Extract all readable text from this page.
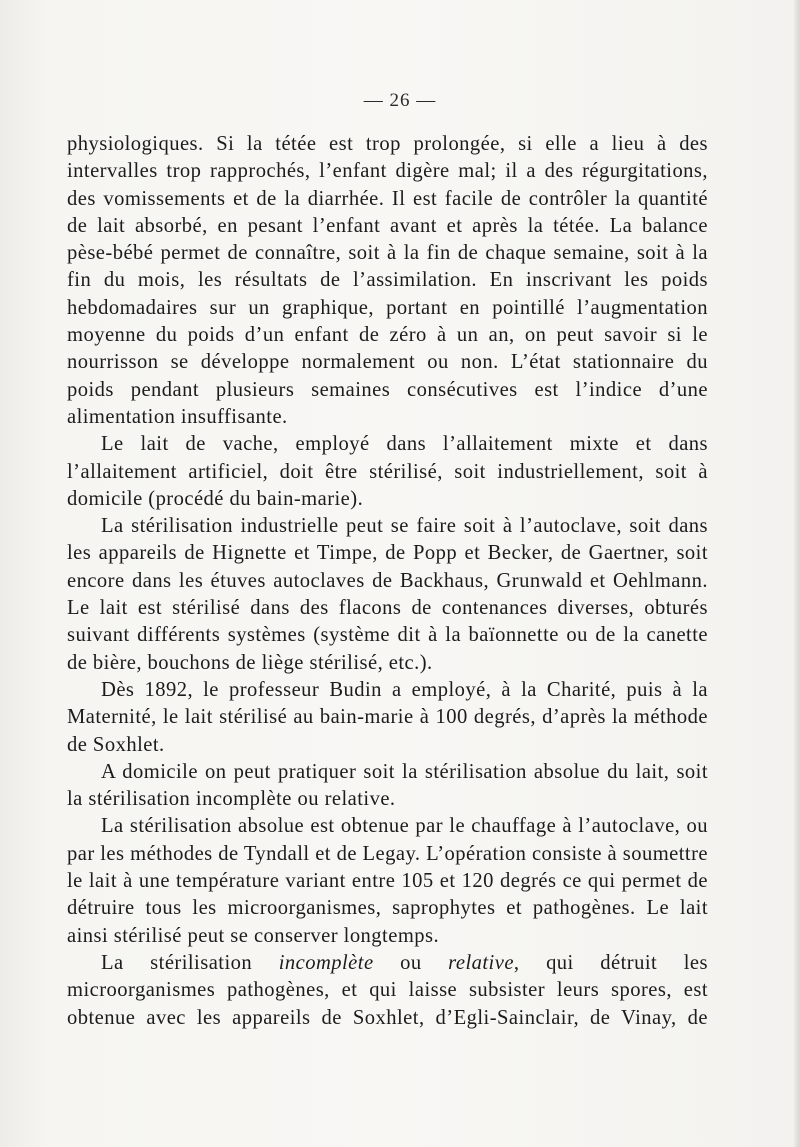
— 26 —

physiologiques. Si la tétée est trop prolongée, si elle a lieu à des intervalles trop rapprochés, l’enfant digère mal; il a des régurgitations, des vomissements et de la diarrhée. Il est facile de contrôler la quantité de lait absorbé, en pesant l’enfant avant et après la tétée. La balance pèse-bébé permet de connaître, soit à la fin de chaque semaine, soit à la fin du mois, les résultats de l’assimilation. En inscrivant les poids hebdomadaires sur un graphique, portant en pointillé l’augmentation moyenne du poids d’un enfant de zéro à un an, on peut savoir si le nourrisson se développe normalement ou non. L’état stationnaire du poids pendant plusieurs semaines consécutives est l’indice d’une alimentation insuffisante.

Le lait de vache, employé dans l’allaitement mixte et dans l’allaitement artificiel, doit être stérilisé, soit industriellement, soit à domicile (procédé du bain-marie).

La stérilisation industrielle peut se faire soit à l’autoclave, soit dans les appareils de Hignette et Timpe, de Popp et Becker, de Gaertner, soit encore dans les étuves autoclaves de Backhaus, Grunwald et Oehlmann. Le lait est stérilisé dans des flacons de contenances diverses, obturés suivant différents systèmes (système dit à la baïonnette ou de la canette de bière, bouchons de liège stérilisé, etc.).

Dès 1892, le professeur Budin a employé, à la Charité, puis à la Maternité, le lait stérilisé au bain-marie à 100 degrés, d’après la méthode de Soxhlet.

A domicile on peut pratiquer soit la stérilisation absolue du lait, soit la stérilisation incomplète ou relative.

La stérilisation absolue est obtenue par le chauffage à l’autoclave, ou par les méthodes de Tyndall et de Legay. L’opération consiste à soumettre le lait à une température variant entre 105 et 120 degrés ce qui permet de détruire tous les microorganismes, saprophytes et pathogènes. Le lait ainsi stérilisé peut se conserver longtemps.

La stérilisation incomplète ou relative, qui détruit les microorganismes pathogènes, et qui laisse subsister leurs spores, est obtenue avec les appareils de Soxhlet, d’Egli-Sainclair, de Vinay, de
